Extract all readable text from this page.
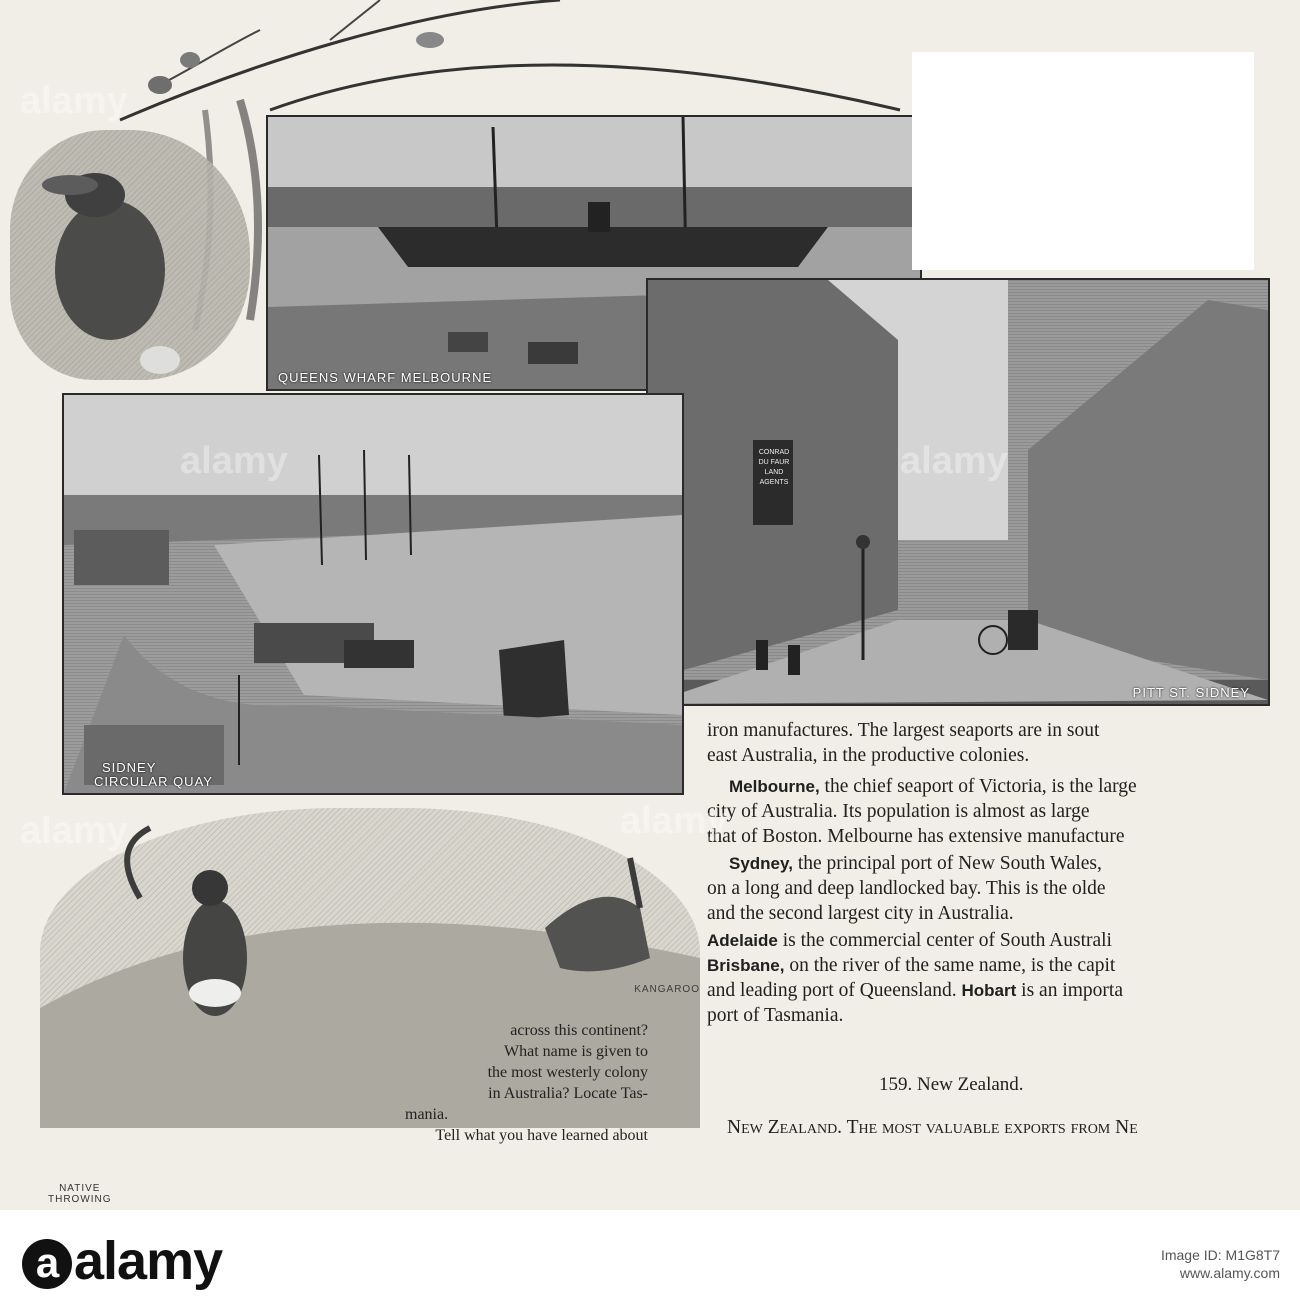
QUEENS WHARF MELBOURNE
CONRAD
DU FAUR
LAND
AGENTS
PITT ST. SIDNEY
SIDNEY
CIRCULAR QUAY
KANGAROO
NATIVE
THROWING
across this continent?
What name is given to
the most westerly colony
in Australia? Locate Tas-
mania.
Tell what you have learned about

iron manufactures. The largest seaports are in sout
east Australia, in the productive colonies.

Melbourne, the chief seaport of Victoria, is the large
city of Australia. Its population is almost as large
that of Boston. Melbourne has extensive manufacture

Sydney, the principal port of New South Wales,
on a long and deep landlocked bay. This is the olde
and the second largest city in Australia.

Adelaide is the commercial center of South Australi
Brisbane, on the river of the same name, is the capit
and leading port of Queensland. Hobart is an importa
port of Tasmania.

159. New Zealand.

New Zealand. The most valuable exports from Ne

alamy
alamy
alamy
alamy
alamy
a alamy	Image ID: M1G8T7
www.alamy.com
